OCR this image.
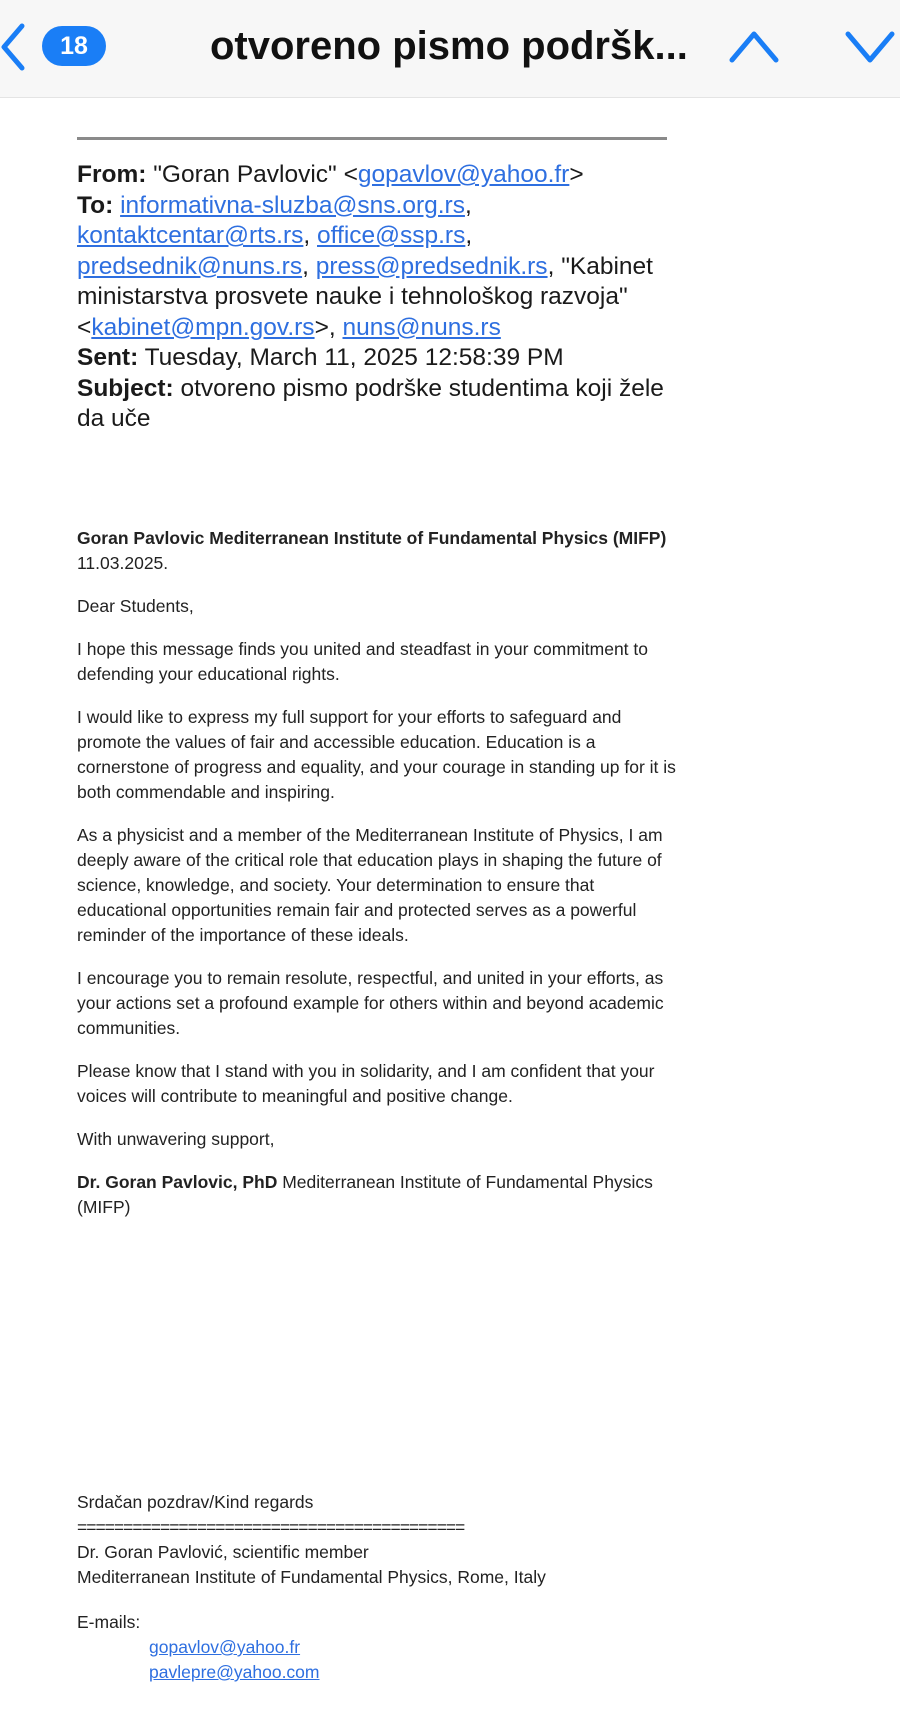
18	otvoreno pismo podršk...
From: "Goran Pavlovic" <gopavlov@yahoo.fr>
To: informativna-sluzba@sns.org.rs, kontaktcentar@rts.rs, office@ssp.rs, predsednik@nuns.rs, press@predsednik.rs, "Kabinet ministarstva prosvete nauke i tehnološkog razvoja" <kabinet@mpn.gov.rs>, nuns@nuns.rs
Sent: Tuesday, March 11, 2025 12:58:39 PM
Subject: otvoreno pismo podrške studentima koji žele da uče

Goran Pavlovic Mediterranean Institute of Fundamental Physics (MIFP) 11.03.2025.

Dear Students,

I hope this message finds you united and steadfast in your commitment to defending your educational rights.

I would like to express my full support for your efforts to safeguard and promote the values of fair and accessible education. Education is a cornerstone of progress and equality, and your courage in standing up for it is both commendable and inspiring.

As a physicist and a member of the Mediterranean Institute of Physics, I am deeply aware of the critical role that education plays in shaping the future of science, knowledge, and society. Your determination to ensure that educational opportunities remain fair and protected serves as a powerful reminder of the importance of these ideals.

I encourage you to remain resolute, respectful, and united in your efforts, as your actions set a profound example for others within and beyond academic communities.

Please know that I stand with you in solidarity, and I am confident that your voices will contribute to meaningful and positive change.

With unwavering support,

Dr. Goran Pavlovic, PhD Mediterranean Institute of Fundamental Physics (MIFP)

Srdačan pozdrav/Kind regards

==========================================

Dr. Goran Pavlović, scientific member

Mediterranean Institute of Fundamental Physics, Rome, Italy

E-mails:

gopavlov@yahoo.fr

pavlepre@yahoo.com
